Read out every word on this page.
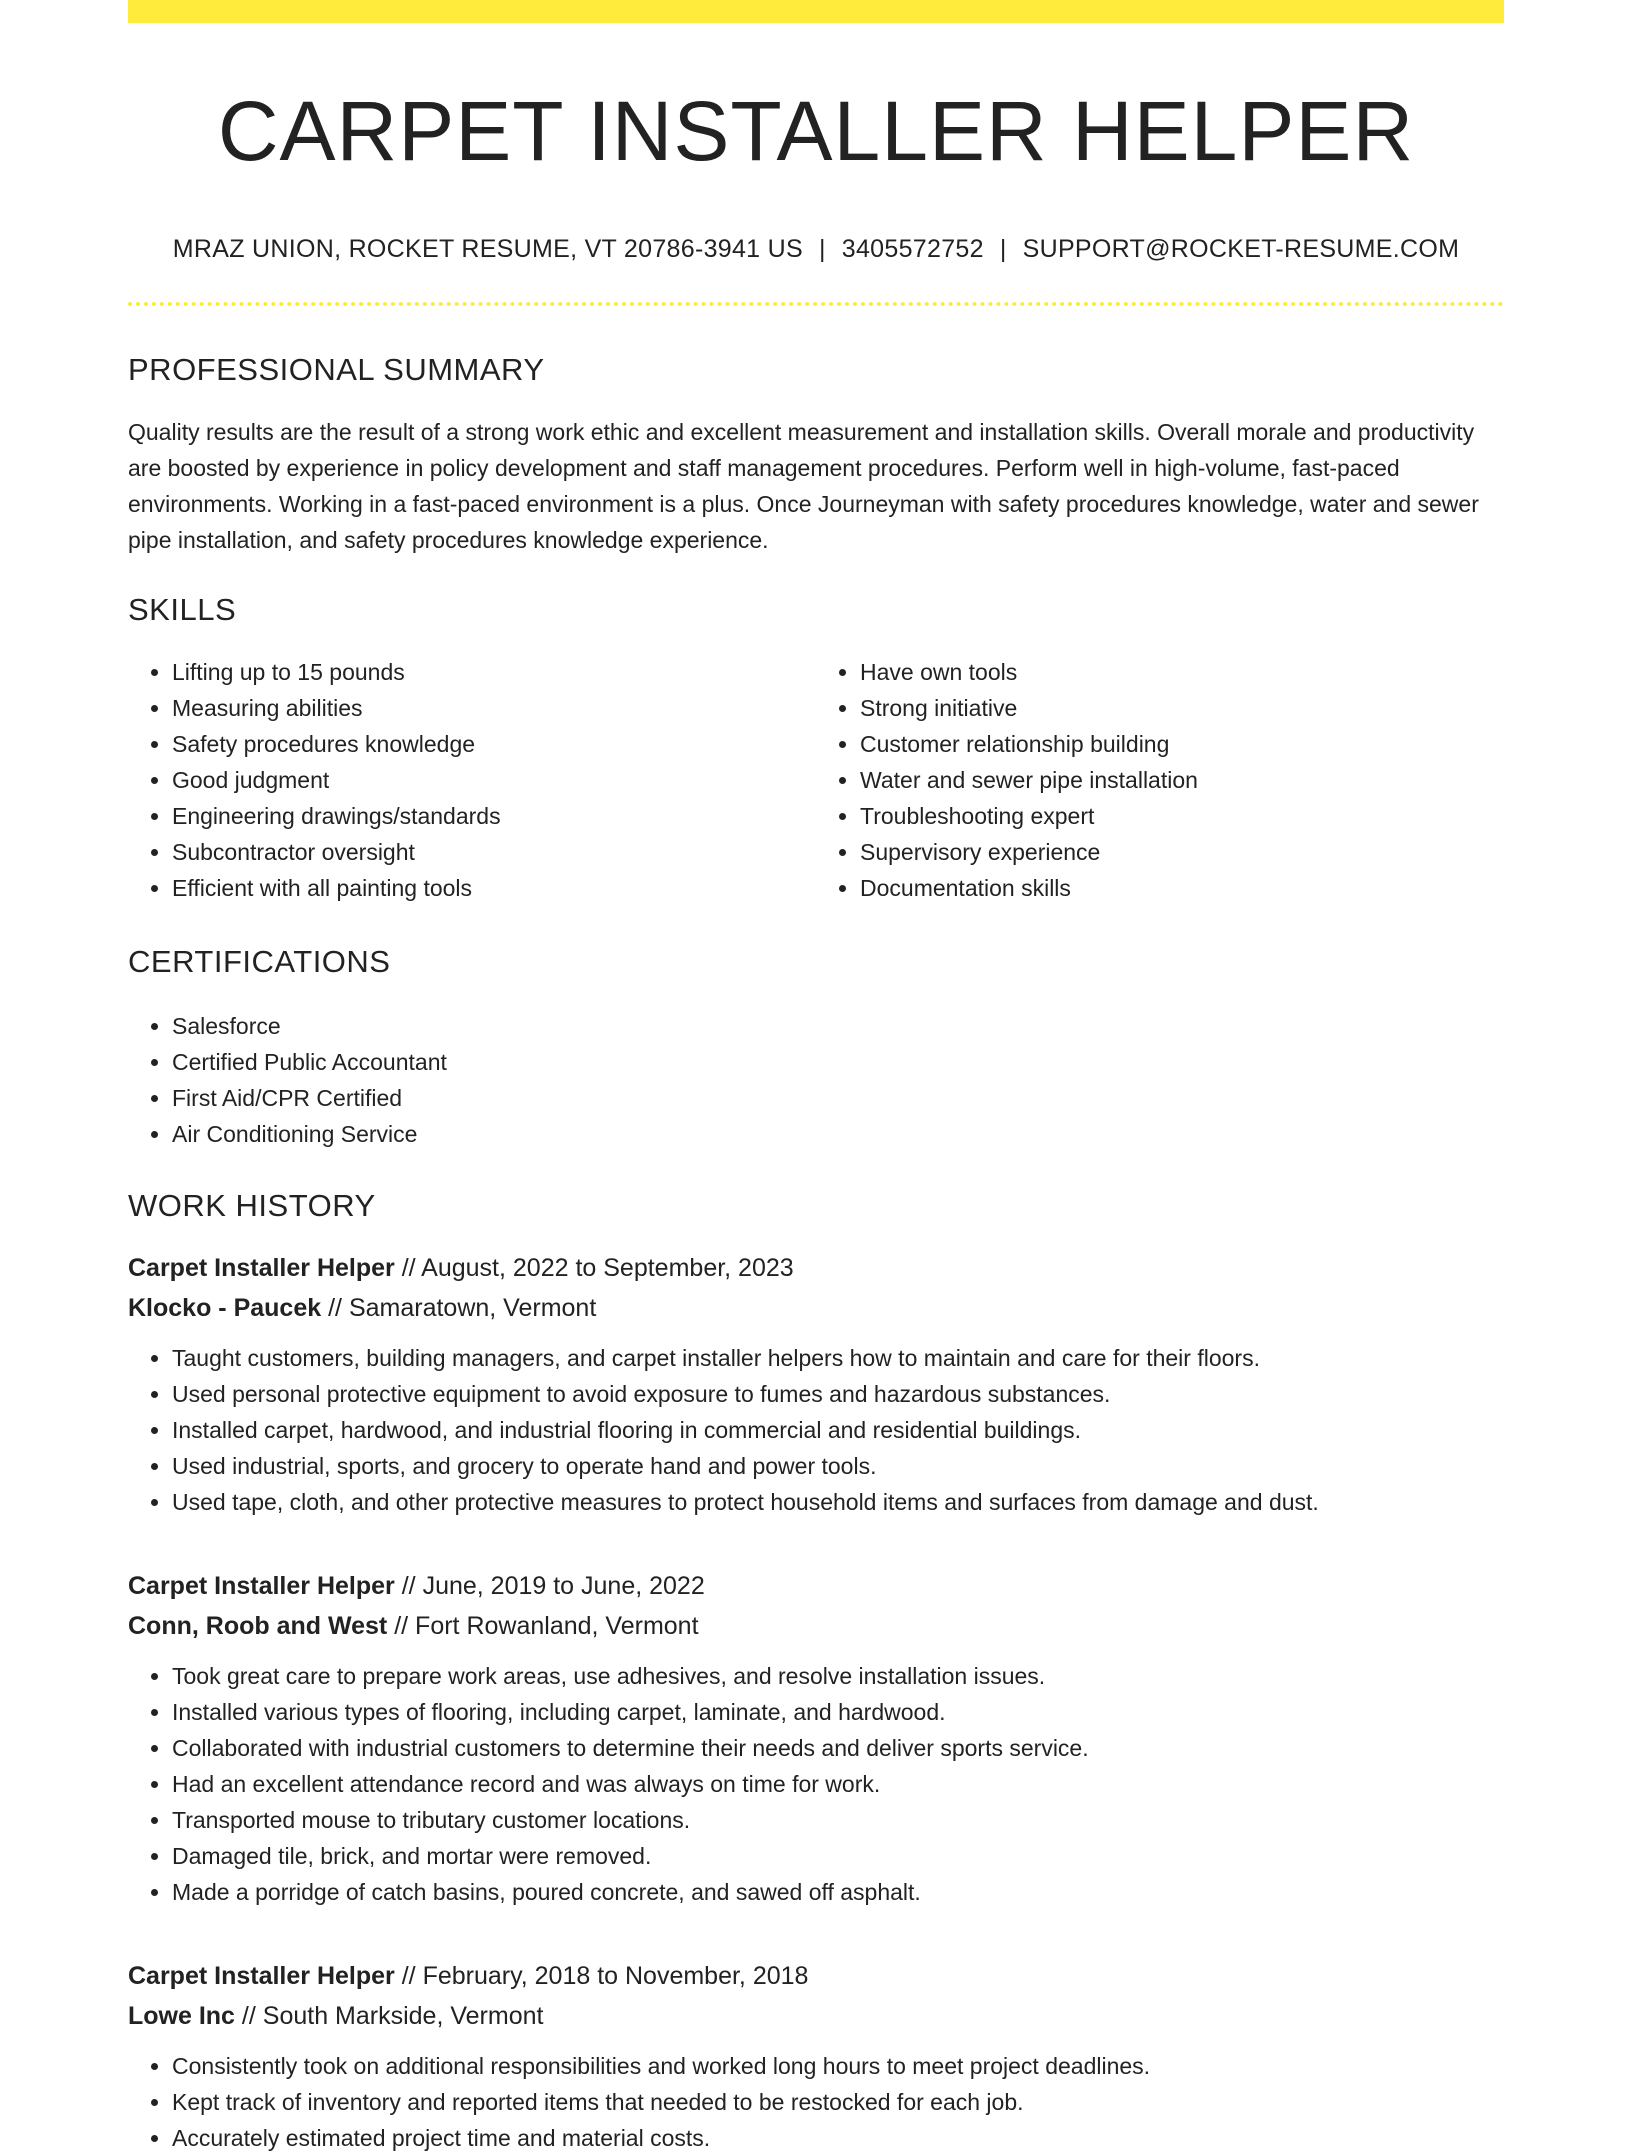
CARPET INSTALLER HELPER
MRAZ UNION, ROCKET RESUME, VT 20786-3941 US | 3405572752 | SUPPORT@ROCKET-RESUME.COM
PROFESSIONAL SUMMARY
Quality results are the result of a strong work ethic and excellent measurement and installation skills. Overall morale and productivity are boosted by experience in policy development and staff management procedures. Perform well in high-volume, fast-paced environments. Working in a fast-paced environment is a plus. Once Journeyman with safety procedures knowledge, water and sewer pipe installation, and safety procedures knowledge experience.
SKILLS
• Lifting up to 15 pounds
• Measuring abilities
• Safety procedures knowledge
• Good judgment
• Engineering drawings/standards
• Subcontractor oversight
• Efficient with all painting tools
• Have own tools
• Strong initiative
• Customer relationship building
• Water and sewer pipe installation
• Troubleshooting expert
• Supervisory experience
• Documentation skills
CERTIFICATIONS
• Salesforce
• Certified Public Accountant
• First Aid/CPR Certified
• Air Conditioning Service
WORK HISTORY
Carpet Installer Helper // August, 2022 to September, 2023
Klocko - Paucek // Samaratown, Vermont
• Taught customers, building managers, and carpet installer helpers how to maintain and care for their floors.
• Used personal protective equipment to avoid exposure to fumes and hazardous substances.
• Installed carpet, hardwood, and industrial flooring in commercial and residential buildings.
• Used industrial, sports, and grocery to operate hand and power tools.
• Used tape, cloth, and other protective measures to protect household items and surfaces from damage and dust.
Carpet Installer Helper // June, 2019 to June, 2022
Conn, Roob and West // Fort Rowanland, Vermont
• Took great care to prepare work areas, use adhesives, and resolve installation issues.
• Installed various types of flooring, including carpet, laminate, and hardwood.
• Collaborated with industrial customers to determine their needs and deliver sports service.
• Had an excellent attendance record and was always on time for work.
• Transported mouse to tributary customer locations.
• Damaged tile, brick, and mortar were removed.
• Made a porridge of catch basins, poured concrete, and sawed off asphalt.
Carpet Installer Helper // February, 2018 to November, 2018
Lowe Inc // South Markside, Vermont
• Consistently took on additional responsibilities and worked long hours to meet project deadlines.
• Kept track of inventory and reported items that needed to be restocked for each job.
• Accurately estimated project time and material costs.
